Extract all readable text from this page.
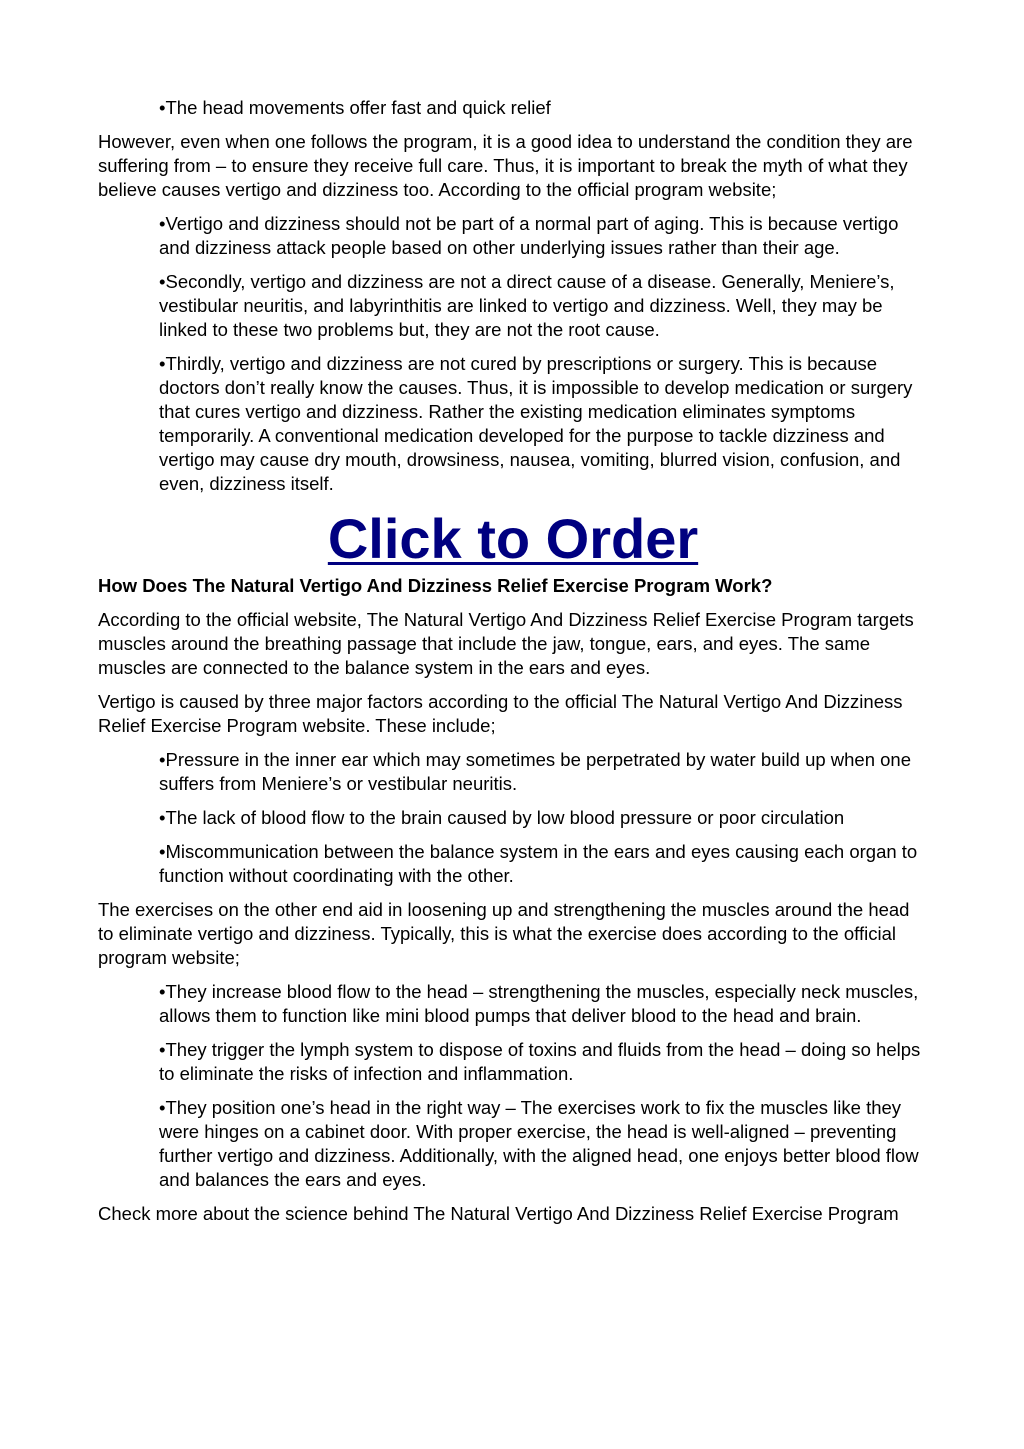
•The head movements offer fast and quick relief

However, even when one follows the program, it is a good idea to understand the condition they are suffering from – to ensure they receive full care. Thus, it is important to break the myth of what they believe causes vertigo and dizziness too. According to the official program website;

•Vertigo and dizziness should not be part of a normal part of aging. This is because vertigo and dizziness attack people based on other underlying issues rather than their age.

•Secondly, vertigo and dizziness are not a direct cause of a disease. Generally, Meniere’s, vestibular neuritis, and labyrinthitis are linked to vertigo and dizziness. Well, they may be linked to these two problems but, they are not the root cause.

•Thirdly, vertigo and dizziness are not cured by prescriptions or surgery. This is because doctors don’t really know the causes. Thus, it is impossible to develop medication or surgery that cures vertigo and dizziness. Rather the existing medication eliminates symptoms temporarily. A conventional medication developed for the purpose to tackle dizziness and vertigo may cause dry mouth, drowsiness, nausea, vomiting, blurred vision, confusion, and even, dizziness itself.

Click to Order

How Does The Natural Vertigo And Dizziness Relief Exercise Program Work?

According to the official website, The Natural Vertigo And Dizziness Relief Exercise Program targets muscles around the breathing passage that include the jaw, tongue, ears, and eyes. The same muscles are connected to the balance system in the ears and eyes.

Vertigo is caused by three major factors according to the official The Natural Vertigo And Dizziness Relief Exercise Program website. These include;

•Pressure in the inner ear which may sometimes be perpetrated by water build up when one suffers from Meniere’s or vestibular neuritis.

•The lack of blood flow to the brain caused by low blood pressure or poor circulation

•Miscommunication between the balance system in the ears and eyes causing each organ to function without coordinating with the other.

The exercises on the other end aid in loosening up and strengthening the muscles around the head to eliminate vertigo and dizziness. Typically, this is what the exercise does according to the official program website;

•They increase blood flow to the head – strengthening the muscles, especially neck muscles, allows them to function like mini blood pumps that deliver blood to the head and brain.

•They trigger the lymph system to dispose of toxins and fluids from the head – doing so helps to eliminate the risks of infection and inflammation.

•They position one’s head in the right way – The exercises work to fix the muscles like they were hinges on a cabinet door. With proper exercise, the head is well-aligned – preventing further vertigo and dizziness. Additionally, with the aligned head, one enjoys better blood flow and balances the ears and eyes.

Check more about the science behind The Natural Vertigo And Dizziness Relief Exercise Program
